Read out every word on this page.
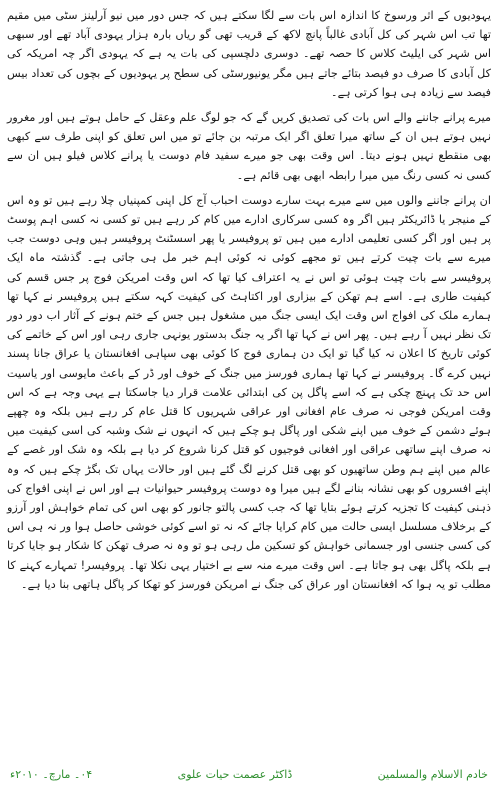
یہودیوں کے اثر ورسوخ کا اندازہ اس بات سے لگا سکتے ہیں کہ جس دور میں نیو آرلینز سٹی میں مقیم تھا تب اس شہر کی کل آبادی غالباً پانچ لاکھ کے قریب تھی گو ریاں بارہ ہزار یہودی آباد تھے اور سبھی اس شہر کی ایلیٹ کلاس کا حصہ تھے۔ دوسری دلچسپی کی بات یہ ہے کہ یہودی اگر چہ امریکہ کی کل آبادی کا صرف دو فیصد بتائے جاتے ہیں مگر یونیورسٹی کی سطح پر یہودیوں کے بچوں کی تعداد بیس فیصد سے زیادہ ہی ہوا کرتی ہے۔

میرے پرانے جاننے والے اس بات کی تصدیق کریں گے کہ جو لوگ علم وعقل کے حامل ہوتے ہیں اور مغرور نہیں ہوتے ہیں ان کے ساتھ میرا تعلق اگر ایک مرتبہ بن جائے تو میں اس تعلق کو اپنی طرف سے کبھی بھی منقطع نہیں ہونے دیتا۔ اس وقت بھی جو میرے سفید فام دوست یا پرانے کلاس فیلو ہیں ان سے کسی نہ کسی رنگ میں میرا رابطہ ابھی بھی قائم ہے۔

ان پرانے جاننے والوں میں سے میرے بہت سارے دوست احباب آج کل اپنی کمپنیاں چلا رہے ہیں تو وہ اس کے منیجر یا ڈائریکٹر ہیں اگر وہ کسی سرکاری ادارے میں کام کر رہے ہیں تو کسی نہ کسی اہم پوسٹ پر ہیں اور اگر کسی تعلیمی ادارے میں ہیں تو پروفیسر یا پھر اسسٹنٹ پروفیسر ہیں وہی دوست جب میرے سے بات چیت کرتے ہیں تو مجھے کوئی نہ کوئی اہم خبر مل ہی جاتی ہے۔ گذشتہ ماہ ایک پروفیسر سے بات چیت ہوئی تو اس نے یہ اعتراف کیا تھا کہ اس وقت امریکن فوج پر جس قسم کی کیفیت طاری ہے۔ اسے ہم تھکن کے بیزاری اور اکتاہٹ کی کیفیت کہہ سکتے ہیں پروفیسر نے کہا تھا ہمارے ملک کی افواج اس وقت ایک ایسی جنگ میں مشغول ہیں جس کے ختم ہونے کے آثار اب دور دور تک نظر نہیں آ رہے ہیں۔ پھر اس نے کہا تھا اگر یہ جنگ بدستور یونہی جاری رہی اور اس کے خاتمے کی کوئی تاریخ کا اعلان نہ کیا گیا تو ایک دن ہماری فوج کا کوئی بھی سپاہی افغانستان یا عراق جانا پسند نہیں کرے گا۔ پروفیسر نے کہا تھا ہماری فورسز میں جنگ کے خوف اور ڈر کے باعث مایوسی اور یاسیت اس حد تک پہنچ چکی ہے کہ اسے پاگل پن کی ابتدائی علامت قرار دیا جاسکتا ہے یہی وجہ ہے کہ اس وقت امریکن فوجی نہ صرف عام افغانی اور عراقی شہریوں کا قتل عام کر رہے ہیں بلکہ وہ چھپے ہوئے دشمن کے خوف میں اپنے شکی اور پاگل ہو چکے ہیں کہ انہوں نے شک وشبہ کی اسی کیفیت میں نہ صرف اپنے ساتھی عراقی اور افغانی فوجیوں کو قتل کرنا شروع کر دیا ہے بلکہ وہ شک اور غصے کے عالم میں اپنے ہم وطن ساتھیوں کو بھی قتل کرنے لگ گئے ہیں اور حالات یہاں تک بگڑ چکے ہیں کہ وہ اپنے افسروں کو بھی نشانہ بنانے لگے ہیں میرا وہ دوست پروفیسر حیوانیات ہے اور اس نے اپنی افواج کی ذہنی کیفیت کا تجزیہ کرتے ہوئے بتایا تھا کہ جب کسی پالتو جانور کو بھی اس کی تمام خواہش اور آرزو کے برخلاف مسلسل ایسی حالت میں کام کرایا جائے کہ نہ تو اسے کوئی خوشی حاصل ہوا ور نہ ہی اس کی کسی جنسی اور جسمانی خواہش کو تسکین مل رہی ہو تو وہ نہ صرف تھکن کا شکار ہو جایا کرتا ہے بلکہ پاگل بھی ہو جاتا ہے۔ اس وقت میرے منہ سے بے اختیار یہی نکلا تھا۔ پروفیسر! تمہارے کہنے کا مطلب تو یہ ہوا کہ افغانستان اور عراق کی جنگ نے امریکن فورسز کو تھکا کر پاگل ہاتھی بنا دیا ہے۔

خادم الاسلام والمسلمین
ڈاکٹر عصمت حیات علوی
۰۴۔ مارچ۔ ۲۰۱۰ء
